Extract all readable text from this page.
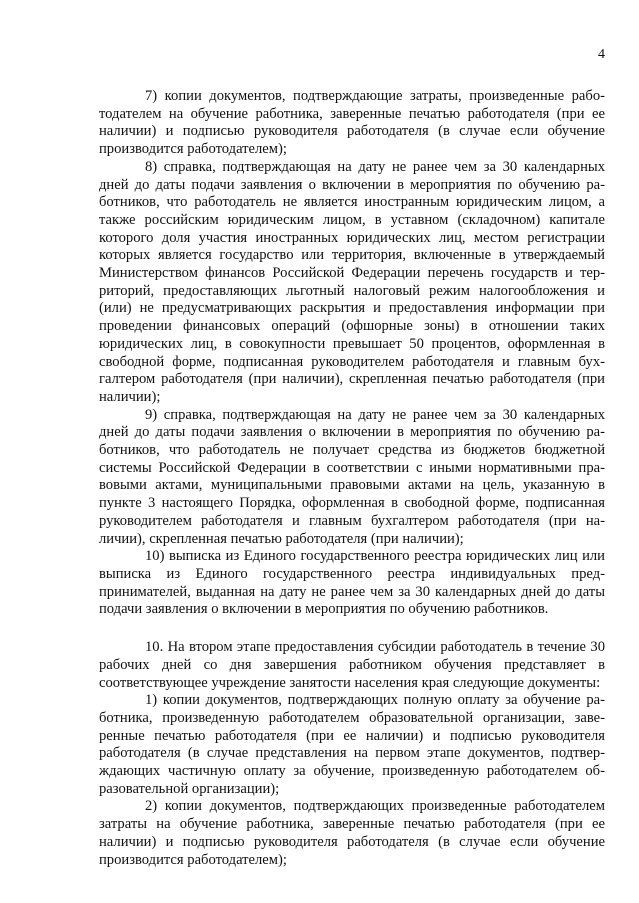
4

7) копии документов, подтверждающие затраты, произведенные работодателем на обучение работника, заверенные печатью работодателя (при ее наличии) и подписью руководителя работодателя (в случае если обучение производится работодателем);

8) справка, подтверждающая на дату не ранее чем за 30 календарных дней до даты подачи заявления о включении в мероприятия по обучению работников, что работодатель не является иностранным юридическим лицом, а также российским юридическим лицом, в уставном (складочном) капитале которого доля участия иностранных юридических лиц, местом регистрации которых является государство или территория, включенные в утверждаемый Министерством финансов Российской Федерации перечень государств и территорий, предоставляющих льготный налоговый режим налогообложения и (или) не предусматривающих раскрытия и предоставления информации при проведении финансовых операций (офшорные зоны) в отношении таких юридических лиц, в совокупности превышает 50 процентов, оформленная в свободной форме, подписанная руководителем работодателя и главным бухгалтером работодателя (при наличии), скрепленная печатью работодателя (при наличии);

9) справка, подтверждающая на дату не ранее чем за 30 календарных дней до даты подачи заявления о включении в мероприятия по обучению работников, что работодатель не получает средства из бюджетов бюджетной системы Российской Федерации в соответствии с иными нормативными правовыми актами, муниципальными правовыми актами на цель, указанную в пункте 3 настоящего Порядка, оформленная в свободной форме, подписанная руководителем работодателя и главным бухгалтером работодателя (при наличии), скрепленная печатью работодателя (при наличии);

10) выписка из Единого государственного реестра юридических лиц или выписка из Единого государственного реестра индивидуальных предпринимателей, выданная на дату не ранее чем за 30 календарных дней до даты подачи заявления о включении в мероприятия по обучению работников.

10. На втором этапе предоставления субсидии работодатель в течение 30 рабочих дней со дня завершения работником обучения представляет в соответствующее учреждение занятости населения края следующие документы:

1) копии документов, подтверждающих полную оплату за обучение работника, произведенную работодателем образовательной организации, заверенные печатью работодателя (при ее наличии) и подписью руководителя работодателя (в случае представления на первом этапе документов, подтверждающих частичную оплату за обучение, произведенную работодателем образовательной организации);

2) копии документов, подтверждающих произведенные работодателем затраты на обучение работника, заверенные печатью работодателя (при ее наличии) и подписью руководителя работодателя (в случае если обучение производится работодателем);
